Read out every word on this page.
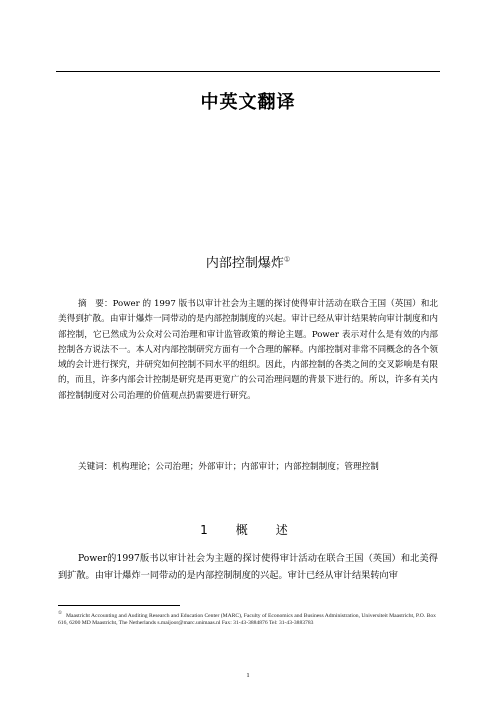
中英文翻译
内部控制爆炸①
摘　要：Power 的 1997 版书以审计社会为主题的探讨使得审计活动在联合王国（英国）和北美得到扩散。由审计爆炸一同带动的是内部控制制度的兴起。审计已经从审计结果转向审计制度和内部控制，它已然成为公众对公司治理和审计监管政策的辩论主题。Power 表示对什么是有效的内部控制各方说法不一。本人对内部控制研究方面有一个合理的解释。内部控制对非常不同概念的各个领域的会计进行探究，并研究如何控制不同水平的组织。因此，内部控制的各类之间的交叉影响是有限的，而且，许多内部会计控制是研究是再更宽广的公司治理问题的背景下进行的。所以，许多有关内部控制制度对公司治理的价值观点扔需要进行研究。
关键词：机构理论；公司治理；外部审计；内部审计；内部控制制度；管理控制
1　概　述
Power的1997版书以审计社会为主题的探讨使得审计活动在联合王国（英国）和北美得到扩散。由审计爆炸一同带动的是内部控制制度的兴起。审计已经从审计结果转向审
①Maastricht Accounting and Auditing Research and Education Center (MARC), Faculty of Economics and Business Administration, Universiteit Maastricht, P.O. Box 616, 6200 MD Maastricht, The Netherlands s.maijoor@marc.unimaas.nl Fax: 31-43-3884876 Tel: 31-43-3883783
1
